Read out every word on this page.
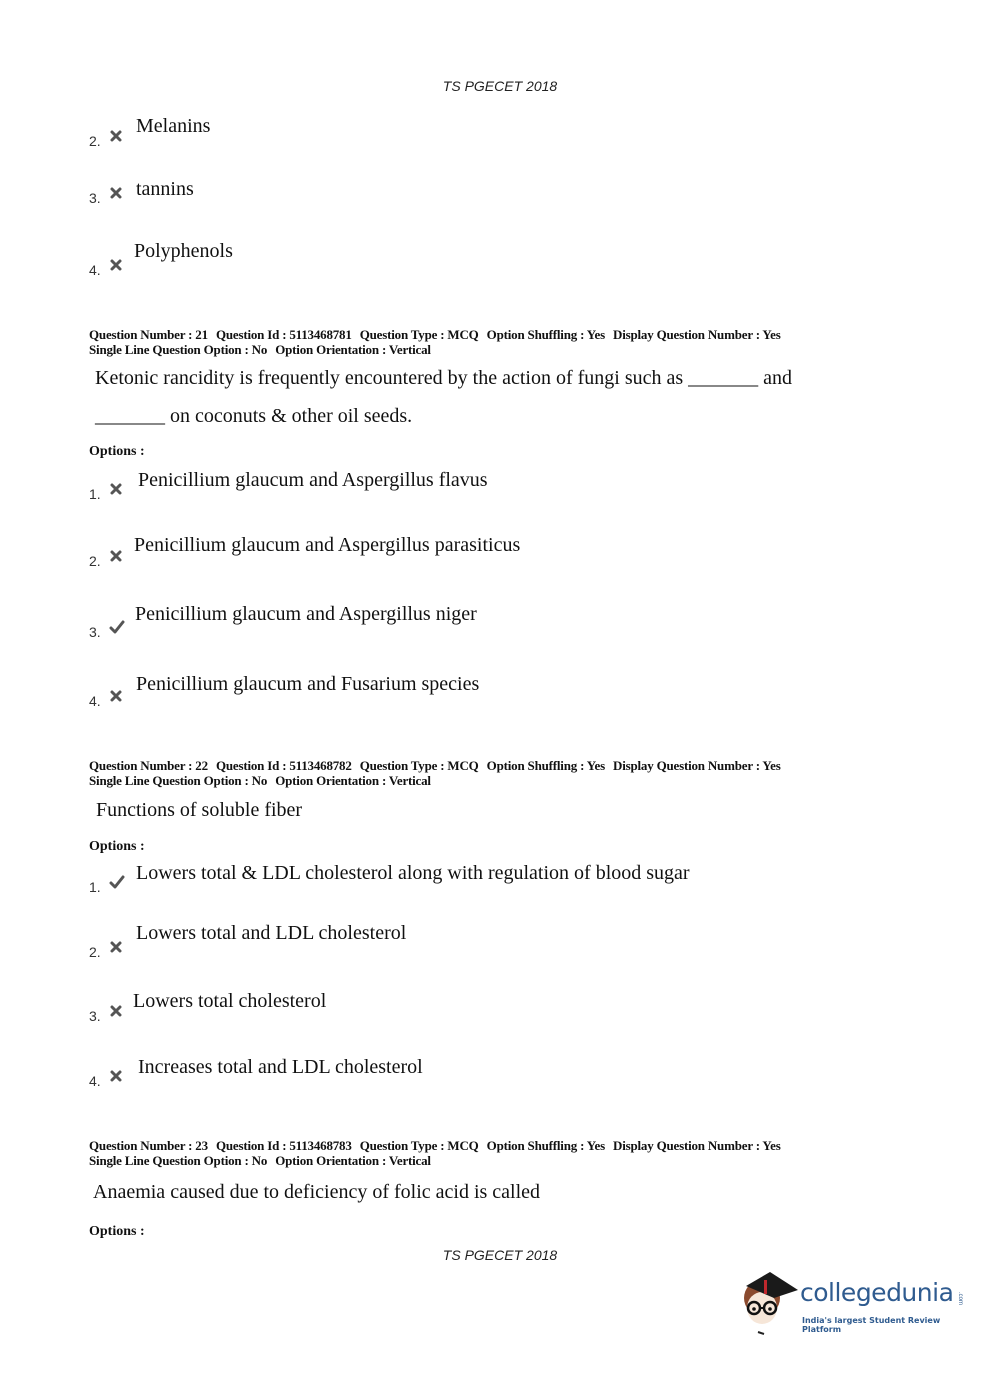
TS PGECET 2018
2.
Melanins
3. tannins
4.
Polyphenols
Question Number : 21 Question Id : 5113468781 Question Type : MCQ Option Shuffling : Yes Display Question Number : Yes
Single Line Question Option : No Option Orientation : Vertical
Ketonic rancidity is frequently encountered by the action of fungi such as _______ and
_______ on coconuts & other oil seeds.
Options :
1.
Penicillium glaucum and Aspergillus flavus
2.
Penicillium glaucum and Aspergillus parasiticus
3.
Penicillium glaucum and Aspergillus niger
4.
Penicillium glaucum and Fusarium species
Question Number : 22 Question Id : 5113468782 Question Type : MCQ Option Shuffling : Yes Display Question Number : Yes
Single Line Question Option : No Option Orientation : Vertical
Functions of soluble fiber
Options :
1.
Lowers total & LDL cholesterol along with regulation of blood sugar
2.
Lowers total and LDL cholesterol
3.
Lowers total cholesterol
4.
Increases total and LDL cholesterol
Question Number : 23 Question Id : 5113468783 Question Type : MCQ Option Shuffling : Yes Display Question Number : Yes
Single Line Question Option : No Option Orientation : Vertical
Anaemia caused due to deficiency of folic acid is called
Options :
TS PGECET 2018
collegedunia .com
India's largest Student Review Platform
